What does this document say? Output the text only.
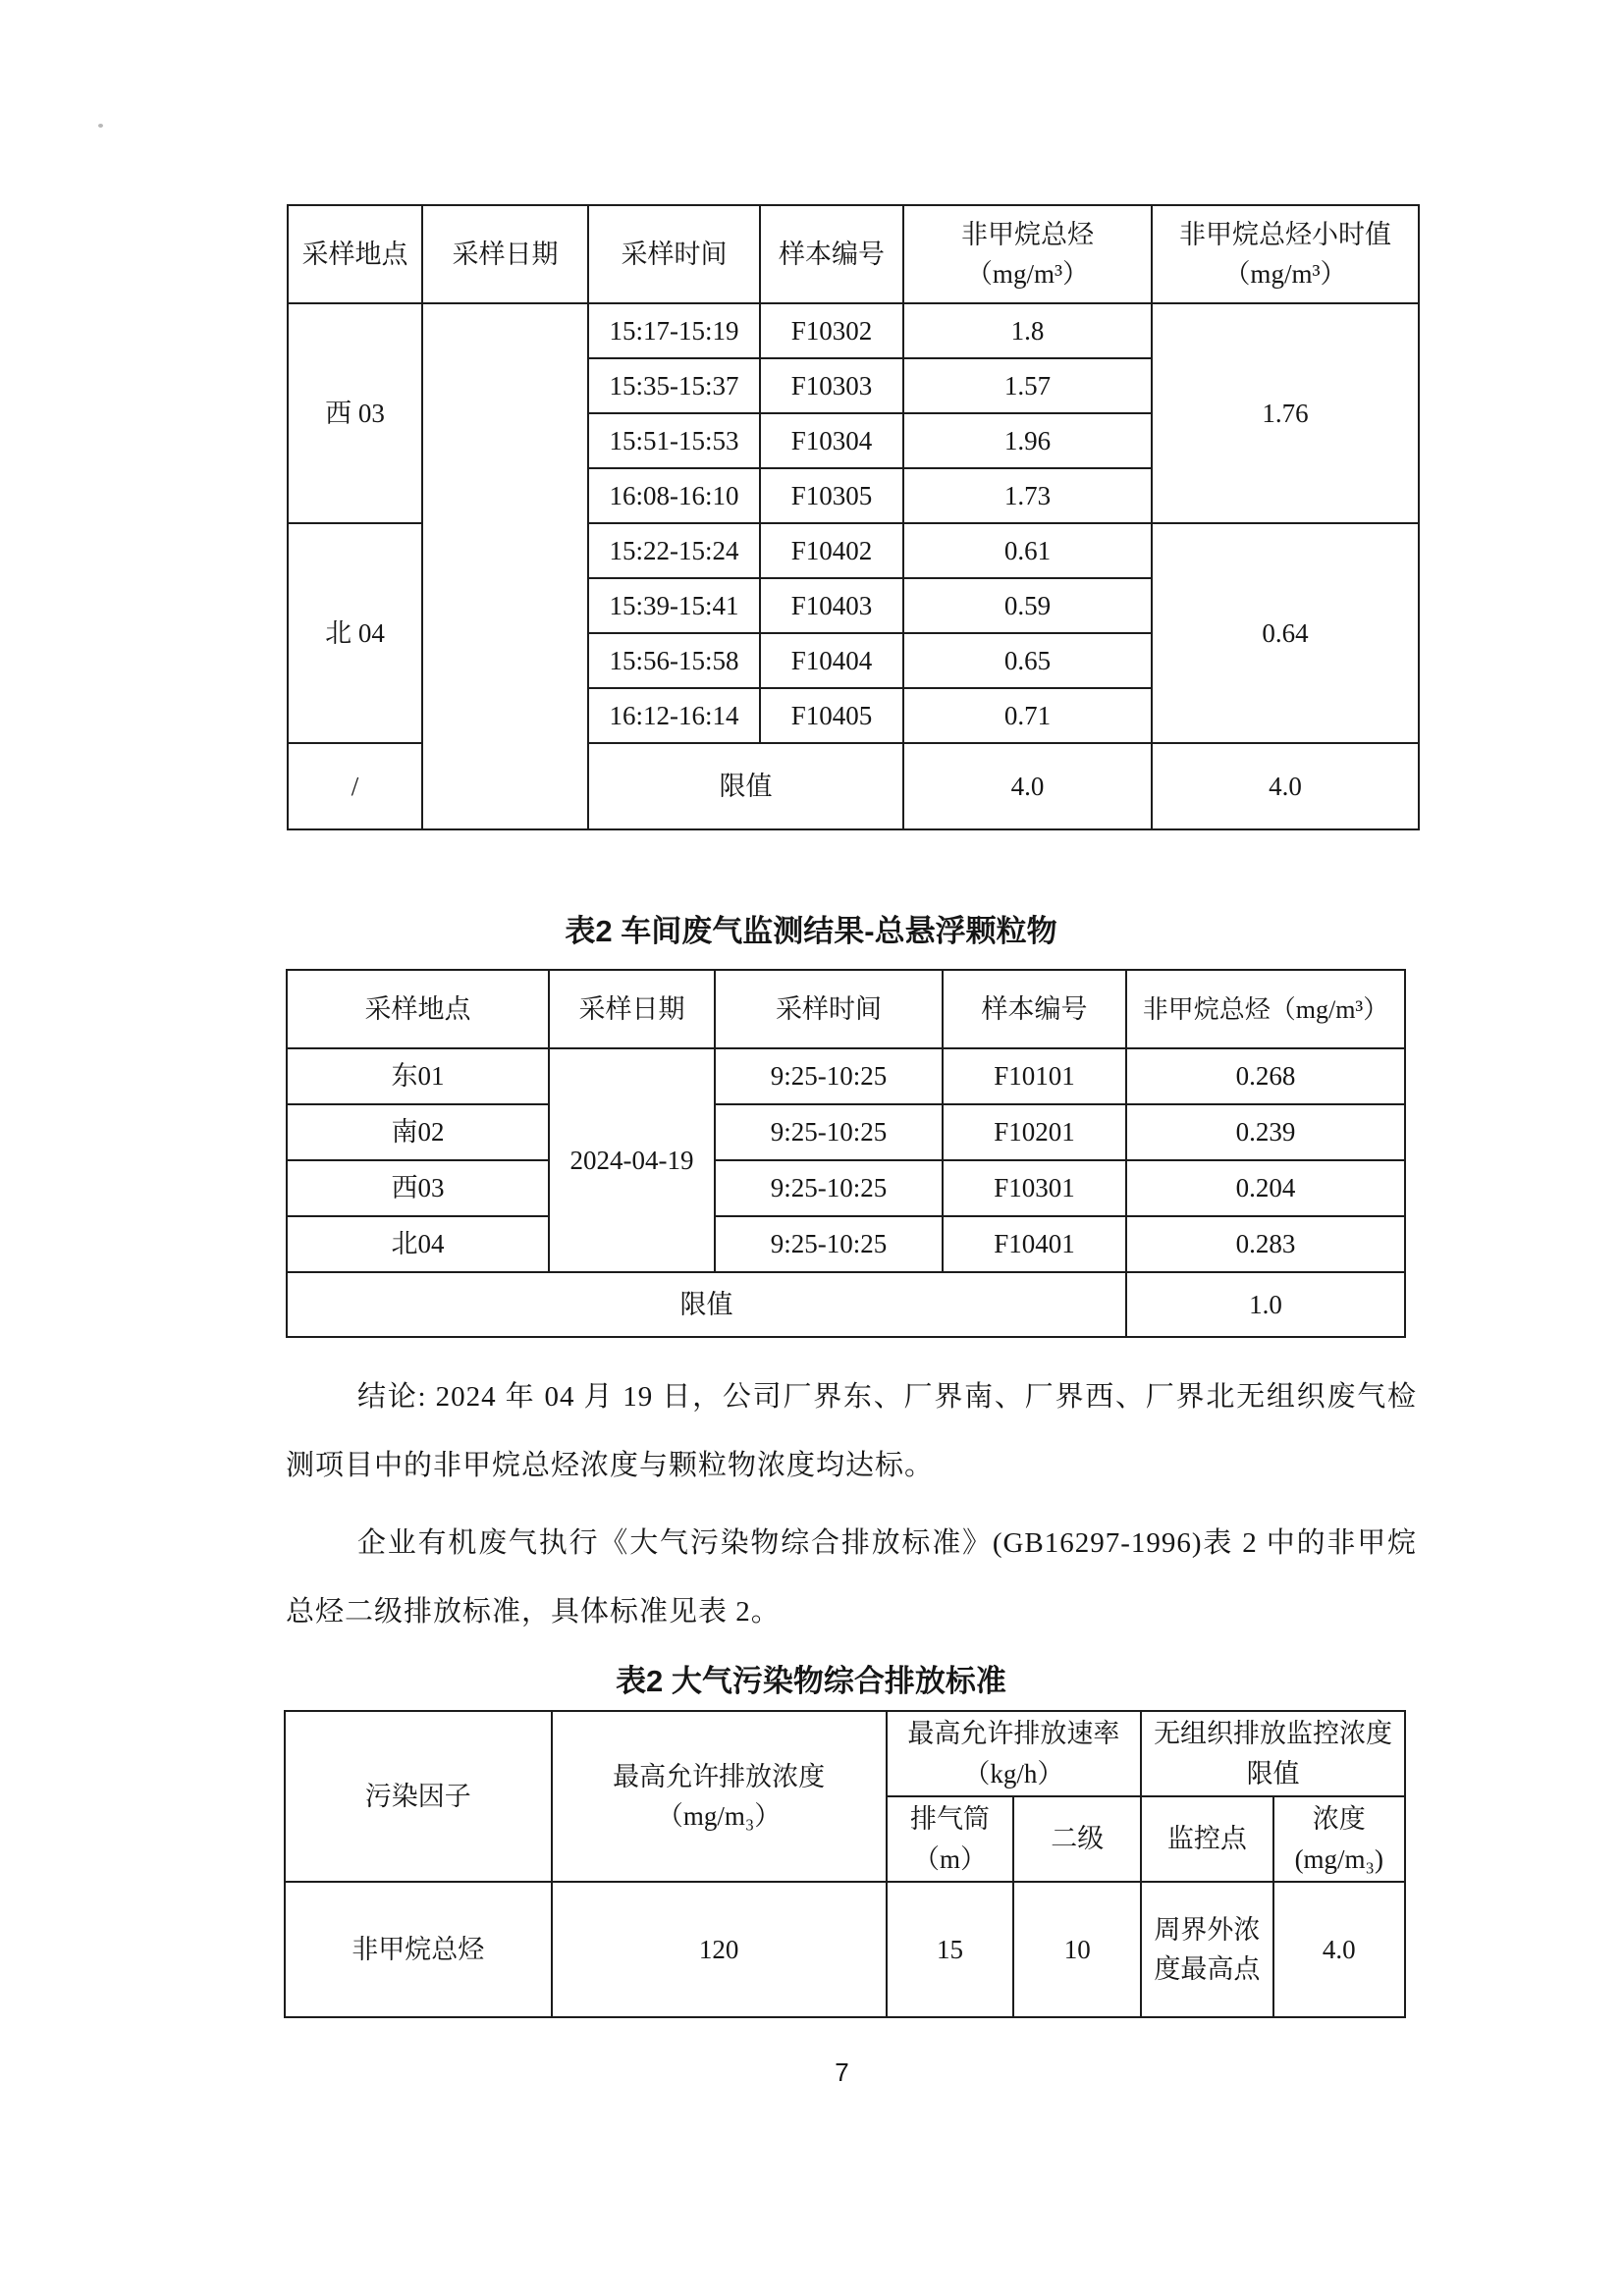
采样地点	采样日期	采样时间	样本编号	非甲烷总烃（mg/m³）	非甲烷总烃小时值（mg/m³）
西 03		15:17-15:19	F10302	1.8	1.76
		15:35-15:37	F10303	1.57	
		15:51-15:53	F10304	1.96	
		16:08-16:10	F10305	1.73	
北 04		15:22-15:24	F10402	0.61	0.64
		15:39-15:41	F10403	0.59	
		15:56-15:58	F10404	0.65	
		16:12-16:14	F10405	0.71	
/		限值		4.0	4.0
表2 车间废气监测结果-总悬浮颗粒物
采样地点	采样日期	采样时间	样本编号	非甲烷总烃（mg/m³）
东01	2024-04-19	9:25-10:25	F10101	0.268
南02		9:25-10:25	F10201	0.239
西03		9:25-10:25	F10301	0.204
北04		9:25-10:25	F10401	0.283
限值				1.0
结论: 2024 年 04 月 19 日，公司厂界东、厂界南、厂界西、厂界北无组织废气检测项目中的非甲烷总烃浓度与颗粒物浓度均达标。
企业有机废气执行《大气污染物综合排放标准》(GB16297-1996)表 2 中的非甲烷总烃二级排放标准，具体标准见表 2。
表2 大气污染物综合排放标准
污染因子	最高允许排放浓度（mg/m₃）	最高允许排放速率（kg/h）		无组织排放监控浓度限值	
		排气筒（m）	二级	监控点	浓度(mg/m₃)
非甲烷总烃	120	15	10	周界外浓度最高点	4.0
7
